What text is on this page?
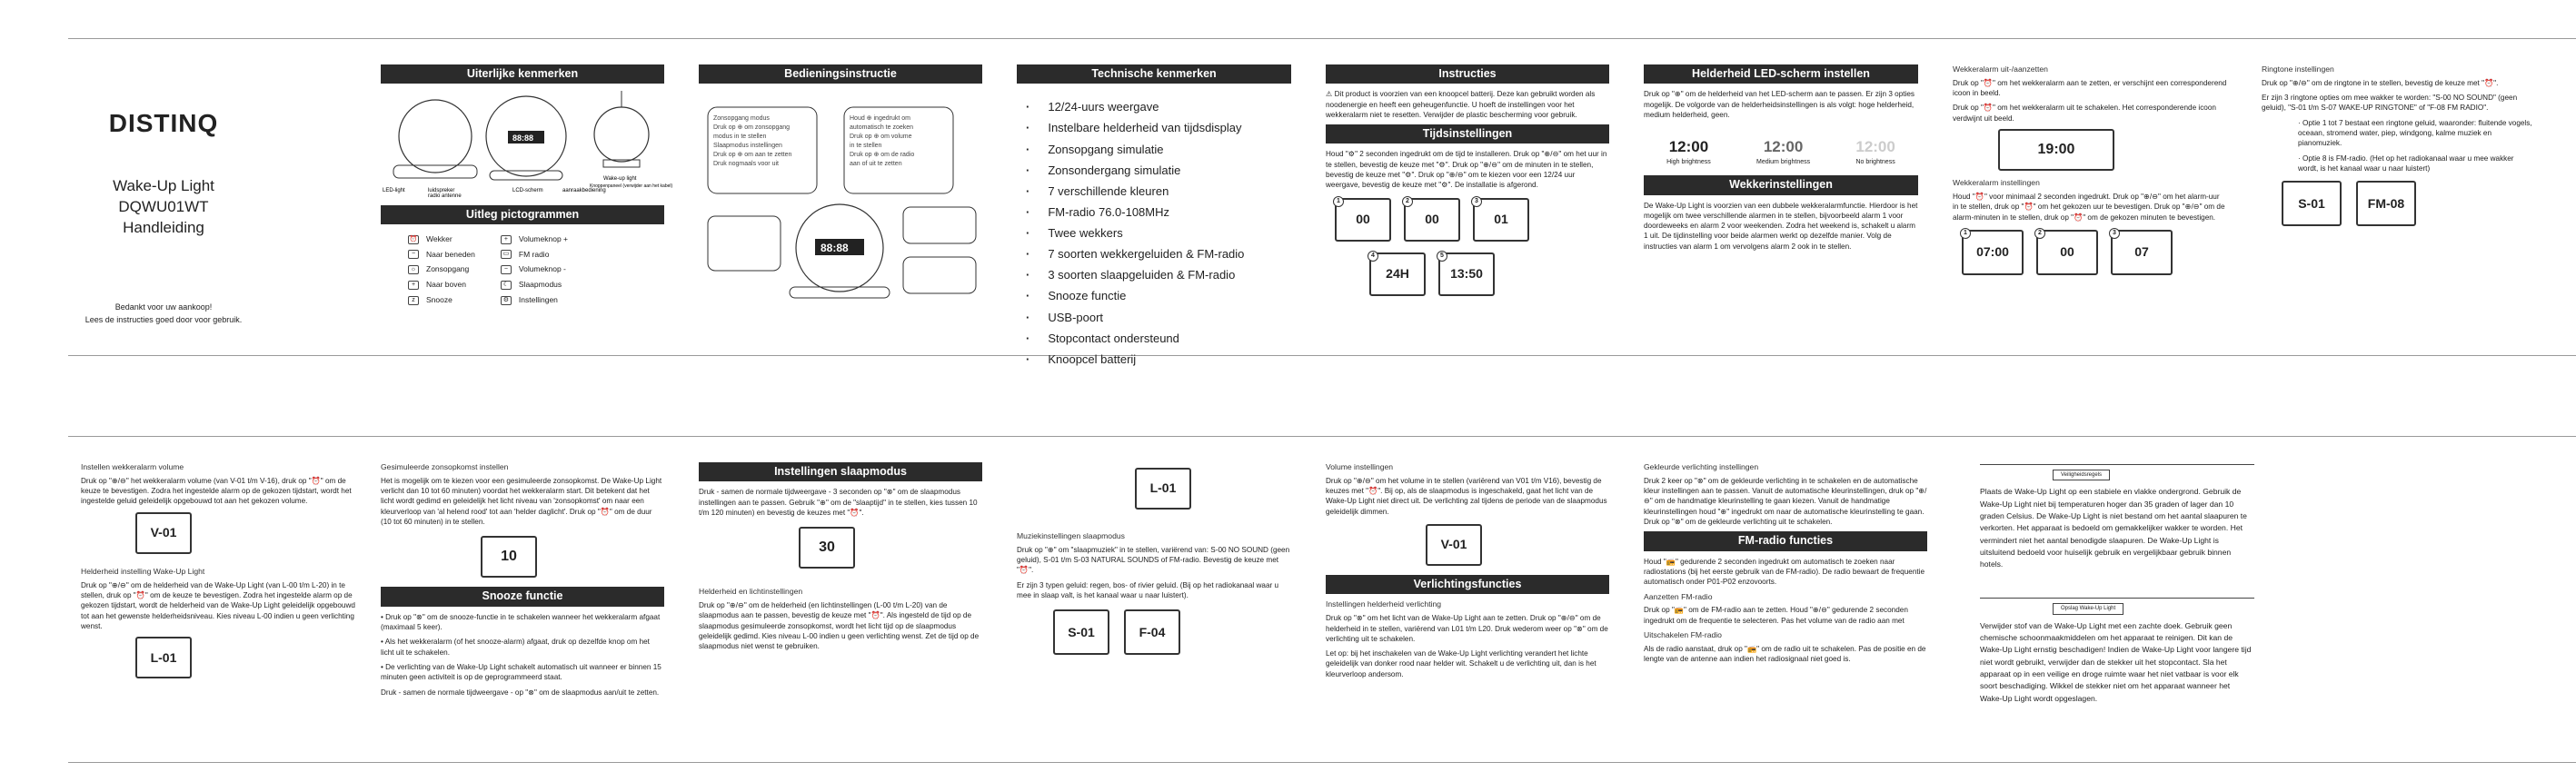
DISTINQ
Wake-Up Light DQWU01WT
Handleiding
Bedankt voor uw aankoop!
Lees de instructies goed door voor gebruik.
Uiterlijke kenmerken
88:88
LED-light	luidspreker	LCD-scherm	aanraakbediening
Wake-up light
radio antenne
Knoppenpaneel (verwijder aan het kabel)
Uitleg pictogrammen
⏰ Wekker
−	Naar beneden
☼	Zonsopgang
+	Naar boven
z	Snooze
+	Volumeknop +
▭	FM radio
−	Volumeknop -
☾	Slaapmodus
⚙	Instellingen
Bedieningsinstructie
Zonsopgang modus
Druk op ⊕ om zonsopgang
modus in te stellen
Slaapmodus instellingen
Druk op ⊕ om aan te zetten
Druk nogmaals voor uit
Houd ⊕ ingedrukt om
automatisch te zoeken
Druk op ⊕ om volume
in te stellen
Druk op ⊕ om de radio
aan of uit te zetten
88:88
Technische kenmerken
· 12/24-uurs weergave
· Instelbare helderheid van tijdsdisplay
· Zonsopgang simulatie
· Zonsondergang simulatie
· 7 verschillende kleuren
· FM-radio 76.0-108MHz
· Twee wekkers
· 7 soorten wekkergeluiden & FM-radio
· 3 soorten slaapgeluiden & FM-radio
· Snooze functie
· USB-poort
· Stopcontact ondersteund
· Knoopcel batterij
Instructies

⚠ Dit product is voorzien van een knoopcel batterij. Deze kan gebruikt worden als noodenergie en heeft een geheugenfunctie. U hoeft de instellingen voor het wekkeralarm niet te resetten. Verwijder de plastic bescherming voor gebruik.

Tijdsinstellingen

Houd "⚙" 2 seconden ingedrukt om de tijd te installeren. Druk op "⊕/⊖" om het uur in te stellen, bevestig de keuze met "⚙". Druk op "⊕/⊖" om de minuten in te stellen, bevestig de keuze met "⚙". Druk op "⊕/⊖" om te kiezen voor een 12/24 uur weergave, bevestig de keuze met "⚙". De installatie is afgerond.

1
00
2
00
3
01
4
24H
5
13:50
Helderheid LED-scherm instellen

Druk op "⊕" om de helderheid van het LED-scherm aan te passen. Er zijn 3 opties mogelijk. De volgorde van de helderheidsinstellingen is als volgt: hoge helderheid, medium helderheid, geen.

12:00
High brightness
12:00
Medium brightness
12:00
No brightness
Wekkerinstellingen

De Wake-Up Light is voorzien van een dubbele wekkeralarmfunctie. Hierdoor is het mogelijk om twee verschillende alarmen in te stellen, bijvoorbeeld alarm 1 voor doordeweeks en alarm 2 voor weekenden. Zodra het weekend is, schakelt u alarm 1 uit. De tijdinstelling voor beide alarmen werkt op dezelfde manier. Volg de instructies van alarm 1 om vervolgens alarm 2 ook in te stellen.

Wekkeralarm uit-/aanzetten

Druk op "⏰" om het wekkeralarm aan te zetten, er verschijnt een corresponderend icoon in beeld.

Druk op "⏰" om het wekkeralarm uit te schakelen. Het corresponderende icoon verdwijnt uit beeld.

19:00
Wekkeralarm instellingen

Houd "⏰" voor minimaal 2 seconden ingedrukt. Druk op "⊕/⊖" om het alarm-uur in te stellen, druk op "⏰" om het gekozen uur te bevestigen. Druk op "⊕/⊖" om de alarm-minuten in te stellen, druk op "⏰" om de gekozen minuten te bevestigen.

1
07:00
2
00
3
07
Ringtone instellingen

Druk op "⊕/⊖" om de ringtone in te stellen, bevestig de keuze met "⏰".

Er zijn 3 ringtone opties om mee wakker te worden: "S-00 NO SOUND" (geen geluid), "S-01 t/m S-07 WAKE-UP RINGTONE" of "F-08 FM RADIO".

· Optie 1 tot 7 bestaat een ringtone geluid, waaronder: fluitende vogels, oceaan, stromend water, piep, windgong, kalme muziek en pianomuziek.

· Optie 8 is FM-radio. (Het op het radiokanaal waar u mee wakker wordt, is het kanaal waar u naar luistert)

S-01	FM-08
Instellen wekkeralarm volume

Druk op "⊕/⊖" het wekkeralarm volume (van V-01 t/m V-16), druk op "⏰" om de keuze te bevestigen. Zodra het ingestelde alarm op de gekozen tijdstart, wordt het ingestelde geluid geleidelijk opgebouwd tot aan het gekozen volume.

V-01
Helderheid instelling Wake-Up Light

Druk op "⊕/⊖" om de helderheid van de Wake-Up Light (van L-00 t/m L-20) in te stellen, druk op "⏰" om de keuze te bevestigen. Zodra het ingestelde alarm op de gekozen tijdstart, wordt de helderheid van de Wake-Up Light geleidelijk opgebouwd tot aan het gewenste helderheidsniveau. Kies niveau L-00 indien u geen verlichting wenst.

L-01
Gesimuleerde zonsopkomst instellen

Het is mogelijk om te kiezen voor een gesimuleerde zonsopkomst. De Wake-Up Light verlicht dan 10 tot 60 minuten) voordat het wekkeralarm start. Dit betekent dat het licht wordt gedimd en geleidelijk het licht niveau van 'zonsopkomst' om naar een kleurverloop van 'al helend rood' tot aan 'helder daglicht'. Druk op "⏰" om de duur (10 tot 60 minuten) in te stellen.

10
Snooze functie

• Druk op "⊗" om de snooze-functie in te schakelen wanneer het wekkeralarm afgaat (maximaal 5 keer).

• Als het wekkeralarm (of het snooze-alarm) afgaat, druk op dezelfde knop om het licht uit te schakelen.

• De verlichting van de Wake-Up Light schakelt automatisch uit wanneer er binnen 15 minuten geen activiteit is op de geprogrammeerd staat.

Druk - samen de normale tijdweergave - op "⊗" om de slaapmodus aan/uit te zetten.

Instellingen slaapmodus

Druk - samen de normale tijdweergave - 3 seconden op "⊗" om de slaapmodus instellingen aan te passen. Gebruik "⊕" om de "slaaptijd" in te stellen, kies tussen 10 t/m 120 minuten) en bevestig de keuzes met "⏰".

30
Helderheid en lichtinstellingen

Druk op "⊕/⊖" om de helderheid (en lichtinstellingen (L-00 t/m L-20) van de slaapmodus aan te passen, bevestig de keuze met "⏰". Als ingesteld de tijd op de slaapmodus gesimuleerde zonsopkomst, wordt het licht tijd op de slaapmodus geleidelijk gedimd. Kies niveau L-00 indien u geen verlichting wenst. Zet de tijd op de slaapmodus niet wenst te gebruiken.

L-01
Muziekinstellingen slaapmodus

Druk op "⊕" om "slaapmuziek" in te stellen, variërend van: S-00 NO SOUND (geen geluid), S-01 t/m S-03 NATURAL SOUNDS of FM-radio. Bevestig de keuze met "⏰".

Er zijn 3 typen geluid: regen, bos- of rivier geluid. (Bij op het radiokanaal waar u mee in slaap valt, is het kanaal waar u naar luistert).

S-01	F-04
Volume instellingen

Druk op "⊕/⊖" om het volume in te stellen (variërend van V01 t/m V16), bevestig de keuzes met "⏰". Bij op, als de slaapmodus is ingeschakeld, gaat het licht van de Wake-Up Light niet direct uit. De verlichting zal tijdens de periode van de slaapmodus geleidelijk dimmen.

V-01
Verlichtingsfuncties
Instellingen helderheid verlichting

Druk op "⊗" om het licht van de Wake-Up Light aan te zetten. Druk op "⊕/⊖" om de helderheid in te stellen, variërend van L01 t/m L20. Druk wederom weer op "⊗" om de verlichting uit te schakelen.

Let op: bij het inschakelen van de Wake-Up Light verlichting verandert het lichte geleidelijk van donker rood naar helder wit. Schakelt u de verlichting uit, dan is het kleurverloop andersom.

Gekleurde verlichting instellingen

Druk 2 keer op "⊗" om de gekleurde verlichting in te schakelen en de automatische kleur instellingen aan te passen. Vanuit de automatische kleurinstellingen, druk op "⊕/⊖" om de handmatige kleurinstelling te gaan kiezen. Vanuit de handmatige kleurinstellingen houd "⊕" ingedrukt om naar de automatische kleurinstelling te gaan. Druk op "⊗" om de gekleurde verlichting uit te schakelen.

FM-radio functies

Houd "📻" gedurende 2 seconden ingedrukt om automatisch te zoeken naar radiostations (bij het eerste gebruik van de FM-radio). De radio bewaart de frequentie automatisch onder P01-P02 enzovoorts.

Aanzetten FM-radio

Druk op "📻" om de FM-radio aan te zetten. Houd "⊕/⊖" gedurende 2 seconden ingedrukt om de frequentie te selecteren. Pas het volume van de radio aan met

Uitschakelen FM-radio

Als de radio aanstaat, druk op "📻" om de radio uit te schakelen. Pas de positie en de lengte van de antenne aan indien het radiosignaal niet goed is.

Veiligheidsregels

Plaats de Wake-Up Light op een stabiele en vlakke ondergrond. Gebruik de Wake-Up Light niet bij temperaturen hoger dan 35 graden of lager dan 10 graden Celsius. De Wake-Up Light is niet bestand om het aantal slaapuren te verkorten. Het apparaat is bedoeld om gemakkelijker wakker te worden. Het vermindert niet het aantal benodigde slaapuren. De Wake-Up Light is uitsluitend bedoeld voor huiselijk gebruik en vergelijkbaar gebruik binnen hotels.

Opslag Wake-Up Light

Verwijder stof van de Wake-Up Light met een zachte doek. Gebruik geen chemische schoonmaakmiddelen om het apparaat te reinigen. Dit kan de Wake-Up Light ernstig beschadigen! Indien de Wake-Up Light voor langere tijd niet wordt gebruikt, verwijder dan de stekker uit het stopcontact. Sla het apparaat op in een veilige en droge ruimte waar het niet vatbaar is voor elk soort beschadiging. Wikkel de stekker niet om het apparaat wanneer het Wake-Up Light wordt opgeslagen.
